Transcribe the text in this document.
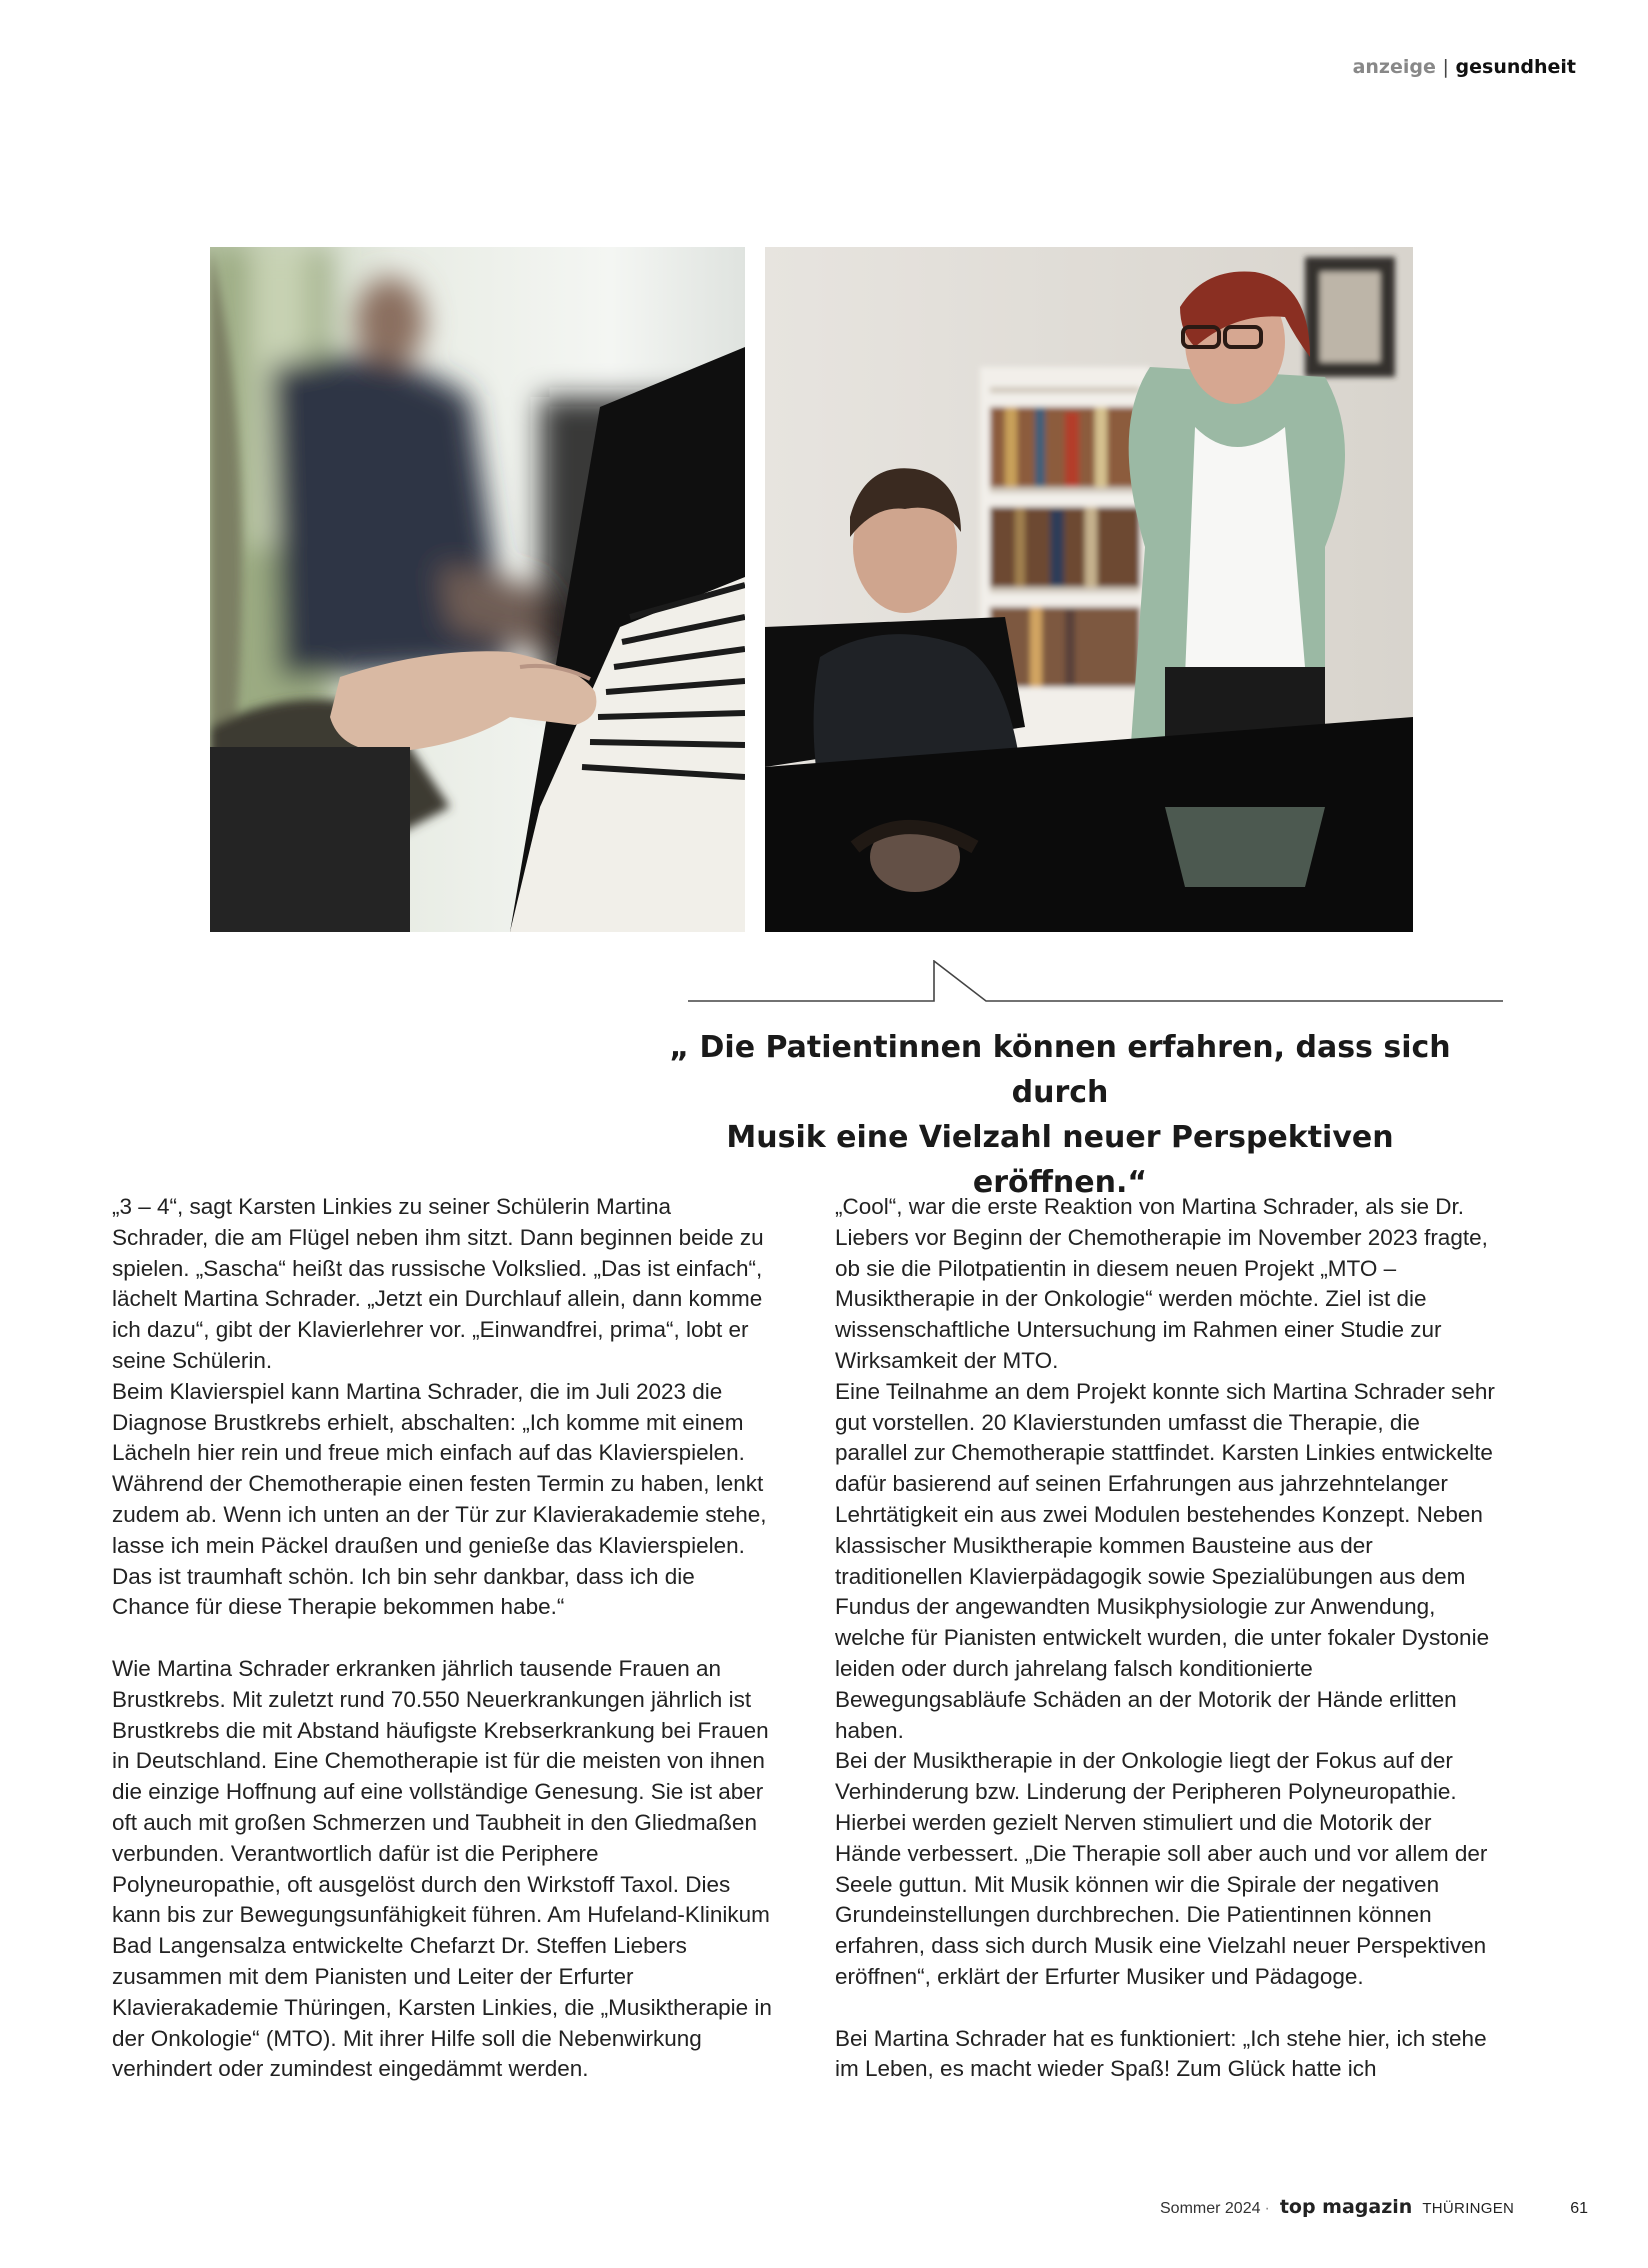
anzeige | gesundheit
„ Die Patientinnen können erfahren, dass sich durch
Musik eine Vielzahl neuer Perspektiven eröffnen.“

„3 – 4“, sagt Karsten Linkies zu seiner Schülerin Martina Schrader, die am Flügel neben ihm sitzt. Dann beginnen beide zu spielen. „Sascha“ heißt das russische Volkslied. „Das ist einfach“, lächelt Martina Schrader. „Jetzt ein Durchlauf allein, dann komme ich dazu“, gibt der Klavierlehrer vor. „Einwandfrei, prima“, lobt er seine Schülerin.

Beim Klavierspiel kann Martina Schrader, die im Juli 2023 die Diagnose Brustkrebs erhielt, abschalten: „Ich komme mit einem Lächeln hier rein und freue mich einfach auf das Klavierspielen. Während der Chemotherapie einen festen Termin zu haben, lenkt zudem ab. Wenn ich unten an der Tür zur Klavierakademie stehe, lasse ich mein Päckel draußen und genieße das Klavierspielen. Das ist traumhaft schön. Ich bin sehr dankbar, dass ich die Chance für diese Therapie bekommen habe.“

Wie Martina Schrader erkranken jährlich tausende Frauen an Brustkrebs. Mit zuletzt rund 70.550 Neuerkrankungen jährlich ist Brustkrebs die mit Abstand häufigste Krebserkrankung bei Frauen in Deutschland. Eine Chemotherapie ist für die meisten von ihnen die einzige Hoffnung auf eine vollständige Genesung. Sie ist aber oft auch mit großen Schmerzen und Taubheit in den Gliedmaßen verbunden. Verantwortlich dafür ist die Periphere Polyneuropathie, oft ausgelöst durch den Wirkstoff Taxol. Dies kann bis zur Bewegungsunfähigkeit führen. Am Hufeland-Klinikum Bad Langensalza entwickelte Chefarzt Dr. Steffen Liebers zusammen mit dem Pianisten und Leiter der Erfurter Klavierakademie Thüringen, Karsten Linkies, die „Musiktherapie in der Onkologie“ (MTO). Mit ihrer Hilfe soll die Nebenwirkung verhindert oder zumindest eingedämmt werden.

„Cool“, war die erste Reaktion von Martina Schrader, als sie Dr. Liebers vor Beginn der Chemotherapie im November 2023 fragte, ob sie die Pilotpatientin in diesem neuen Projekt „MTO – Musiktherapie in der Onkologie“ werden möchte. Ziel ist die wissenschaftliche Untersuchung im Rahmen einer Studie zur Wirksamkeit der MTO.

Eine Teilnahme an dem Projekt konnte sich Martina Schrader sehr gut vorstellen. 20 Klavierstunden umfasst die Therapie, die parallel zur Chemotherapie stattfindet. Karsten Linkies entwickelte dafür basierend auf seinen Erfahrungen aus jahrzehntelanger Lehrtätigkeit ein aus zwei Modulen bestehendes Konzept. Neben klassischer Musiktherapie kommen Bausteine aus der traditionellen Klavierpädagogik sowie Spezialübungen aus dem Fundus der angewandten Musikphysiologie zur Anwendung, welche für Pianisten entwickelt wurden, die unter fokaler Dystonie leiden oder durch jahrelang falsch konditionierte Bewegungsabläufe Schäden an der Motorik der Hände erlitten haben.

Bei der Musiktherapie in der Onkologie liegt der Fokus auf der Verhinderung bzw. Linderung der Peripheren Polyneuropathie. Hierbei werden gezielt Nerven stimuliert und die Motorik der Hände verbessert. „Die Therapie soll aber auch und vor allem der Seele guttun. Mit Musik können wir die Spirale der negativen Grundeinstellungen durchbrechen. Die Patientinnen können erfahren, dass sich durch Musik eine Vielzahl neuer Perspektiven eröffnen“, erklärt der Erfurter Musiker und Pädagoge.

Bei Martina Schrader hat es funktioniert: „Ich stehe hier, ich stehe im Leben, es macht wieder Spaß! Zum Glück hatte ich

Sommer 2024 · top magazin THÜRINGEN	61
